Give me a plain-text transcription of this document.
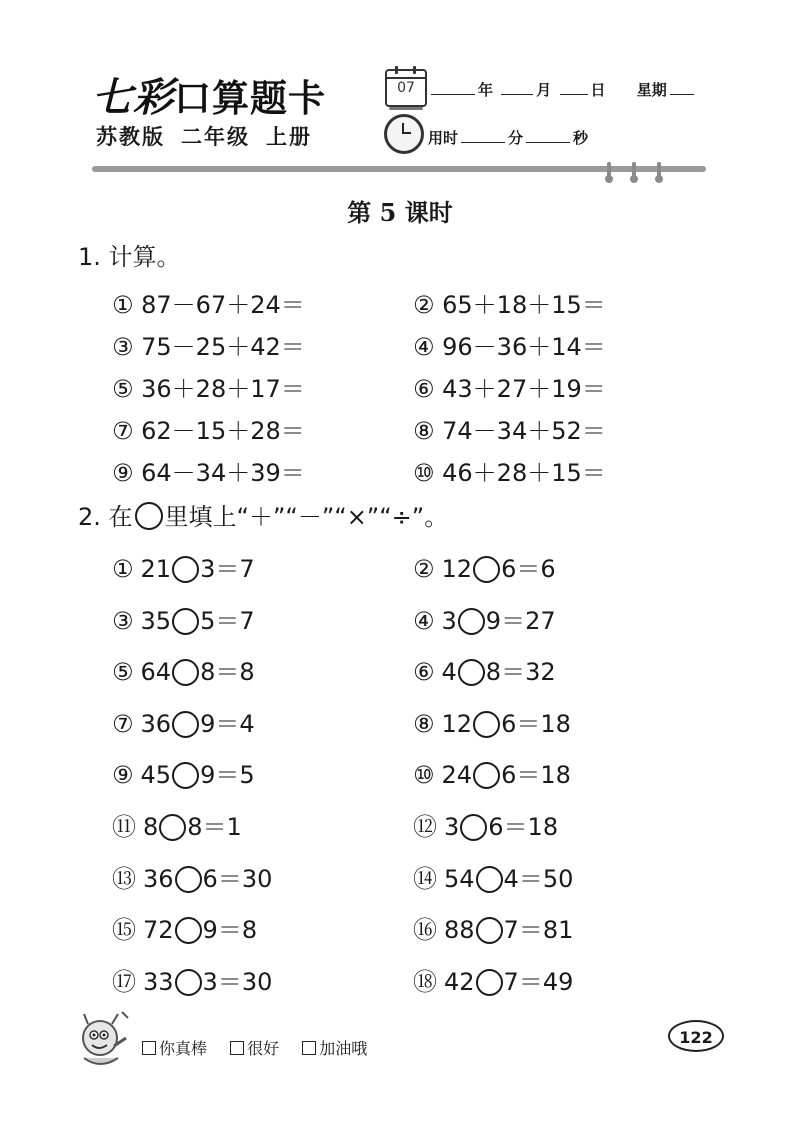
七彩口算题卡
苏教版 二年级 上册
07	年	月	日 星期
用时	分	秒
第 5 课时
1. 计算。
① 87－67＋24＝	② 65＋18＋15＝
③ 75－25＋42＝	④ 96－36＋14＝
⑤ 36＋28＋17＝	⑥ 43＋27＋19＝
⑦ 62－15＋28＝	⑧ 74－34＋52＝
⑨ 64－34＋39＝	⑩ 46＋28＋15＝
2. 在 里填上“＋”“－”“×”“÷”。
① 21 3＝7	② 12 6＝6
③ 35 5＝7	④ 3 9＝27
⑤ 64 8＝8	⑥ 4 8＝32
⑦ 36 9＝4	⑧ 12 6＝18
⑨ 45 9＝5	⑩ 24 6＝18
⑪ 8 8＝1	⑫ 3 6＝18
⑬ 36 6＝30	⑭ 54 4＝50
⑮ 72 9＝8	⑯ 88 7＝81
⑰ 33 3＝30	⑱ 42 7＝49
你真棒	很好	加油哦
122
